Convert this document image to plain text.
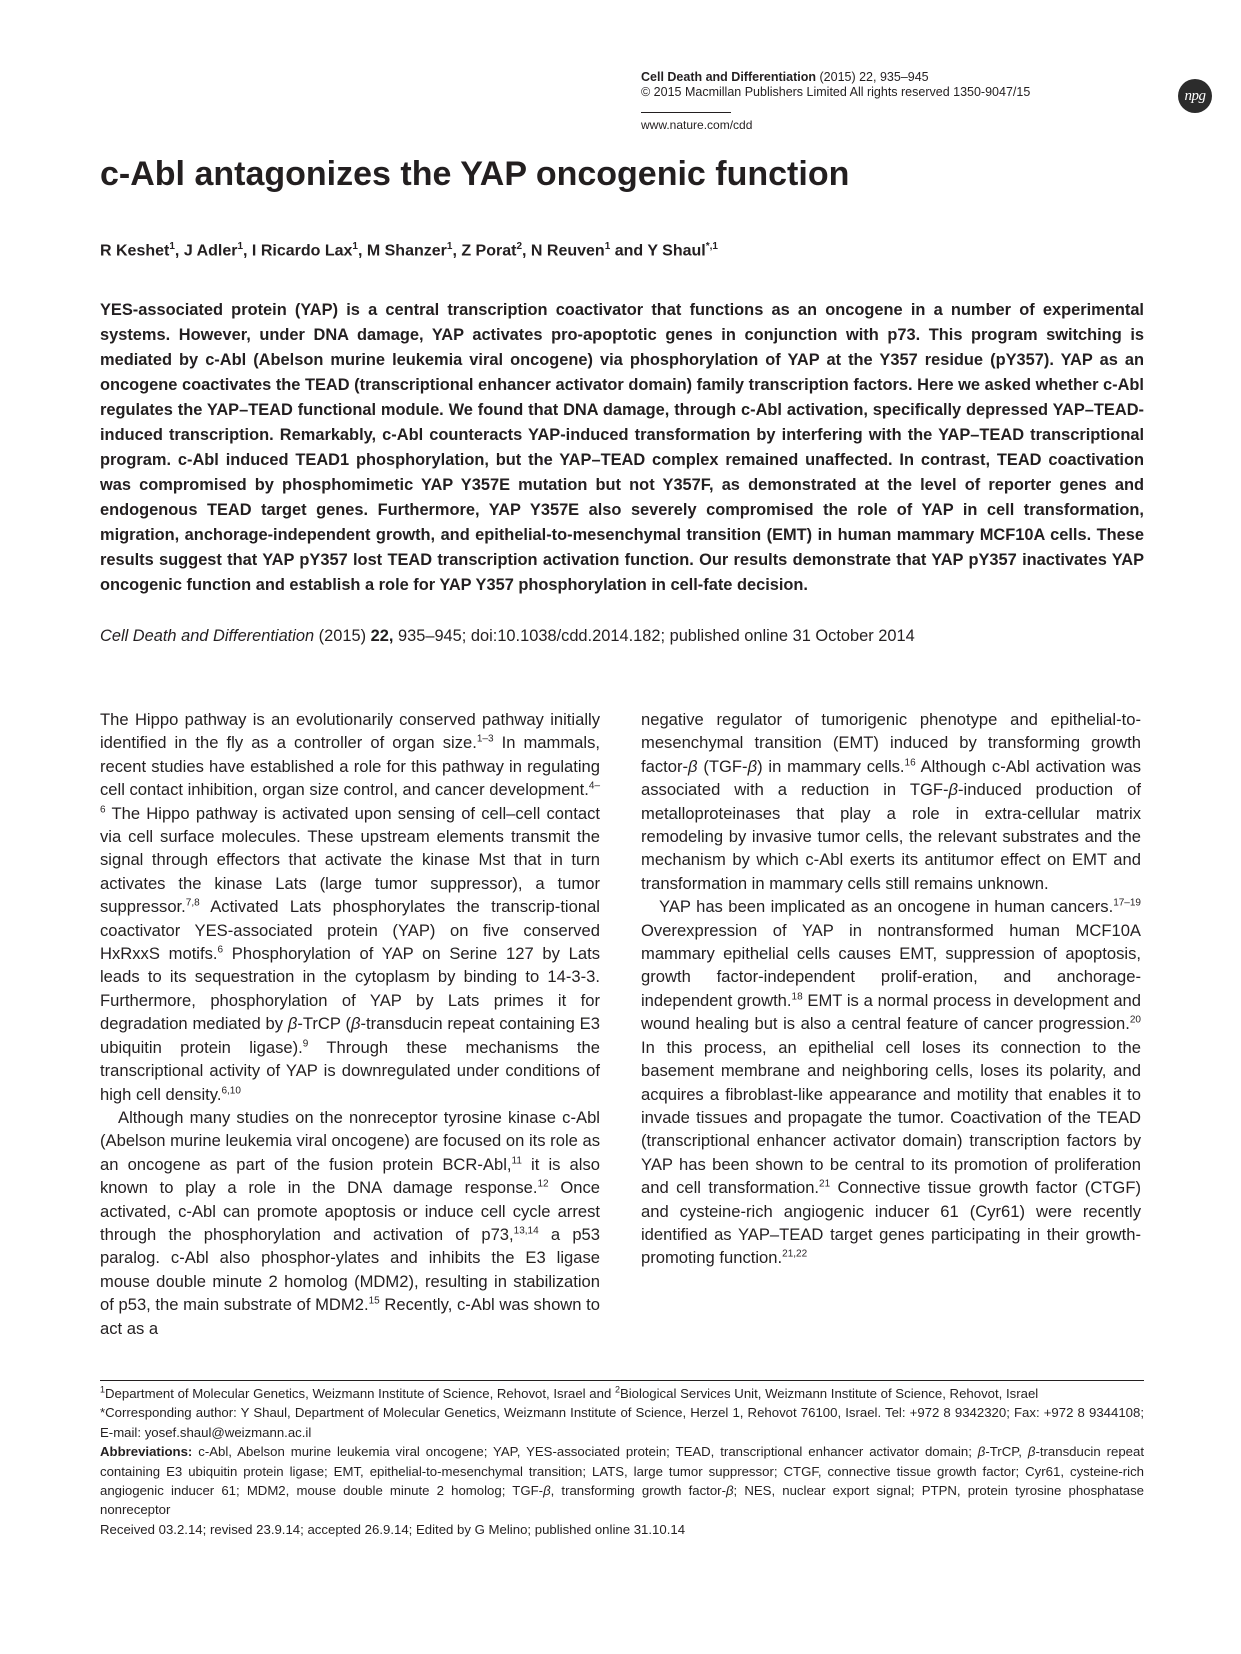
Cell Death and Differentiation (2015) 22, 935–945
© 2015 Macmillan Publishers Limited All rights reserved 1350-9047/15
www.nature.com/cdd
npg
c-Abl antagonizes the YAP oncogenic function
R Keshet$^1$, J Adler$^1$, I Ricardo Lax$^1$, M Shanzer$^1$, Z Porat$^2$, N Reuven$^1$ and Y Shaul$^{*,1}$

YES-associated protein (YAP) is a central transcription coactivator that functions as an oncogene in a number of experimental systems. However, under DNA damage, YAP activates pro-apoptotic genes in conjunction with p73. This program switching is mediated by c-Abl (Abelson murine leukemia viral oncogene) via phosphorylation of YAP at the Y357 residue (pY357). YAP as an oncogene coactivates the TEAD (transcriptional enhancer activator domain) family transcription factors. Here we asked whether c-Abl regulates the YAP–TEAD functional module. We found that DNA damage, through c-Abl activation, specifically depressed YAP–TEAD-induced transcription. Remarkably, c-Abl counteracts YAP-induced transformation by interfering with the YAP–TEAD transcriptional program. c-Abl induced TEAD1 phosphorylation, but the YAP–TEAD complex remained unaffected. In contrast, TEAD coactivation was compromised by phosphomimetic YAP Y357E mutation but not Y357F, as demonstrated at the level of reporter genes and endogenous TEAD target genes. Furthermore, YAP Y357E also severely compromised the role of YAP in cell transformation, migration, anchorage-independent growth, and epithelial-to-mesenchymal transition (EMT) in human mammary MCF10A cells. These results suggest that YAP pY357 lost TEAD transcription activation function. Our results demonstrate that YAP pY357 inactivates YAP oncogenic function and establish a role for YAP Y357 phosphorylation in cell-fate decision.

Cell Death and Differentiation (2015) 22, 935–945; doi:10.1038/cdd.2014.182; published online 31 October 2014

The Hippo pathway is an evolutionarily conserved pathway initially identified in the fly as a controller of organ size.$^{1-3}$ In mammals, recent studies have established a role for this pathway in regulating cell contact inhibition, organ size control, and cancer development.$^{4-6}$ The Hippo pathway is activated upon sensing of cell–cell contact via cell surface molecules. These upstream elements transmit the signal through effectors that activate the kinase Mst that in turn activates the kinase Lats (large tumor suppressor), a tumor suppressor.$^{7,8}$ Activated Lats phosphorylates the transcrip-tional coactivator YES-associated protein (YAP) on five conserved HxRxxS motifs.$^6$ Phosphorylation of YAP on Serine 127 by Lats leads to its sequestration in the cytoplasm by binding to 14-3-3. Furthermore, phosphorylation of YAP by Lats primes it for degradation mediated by β-TrCP (β-transducin repeat containing E3 ubiquitin protein ligase).$^9$ Through these mechanisms the transcriptional activity of YAP is downregulated under conditions of high cell density.$^{6,10}$

Although many studies on the nonreceptor tyrosine kinase c-Abl (Abelson murine leukemia viral oncogene) are focused on its role as an oncogene as part of the fusion protein BCR-Abl,$^{11}$ it is also known to play a role in the DNA damage response.$^{12}$ Once activated, c-Abl can promote apoptosis or induce cell cycle arrest through the phosphorylation and activation of p73,$^{13,14}$ a p53 paralog. c-Abl also phosphor-ylates and inhibits the E3 ligase mouse double minute 2 homolog (MDM2), resulting in stabilization of p53, the main substrate of MDM2.15 Recently, c-Abl was shown to act as a

negative regulator of tumorigenic phenotype and epithelial-to-mesenchymal transition (EMT) induced by transforming growth factor-β (TGF-β) in mammary cells.$^{16}$ Although c-Abl activation was associated with a reduction in TGF-β-induced production of metalloproteinases that play a role in extra-cellular matrix remodeling by invasive tumor cells, the relevant substrates and the mechanism by which c-Abl exerts its antitumor effect on EMT and transformation in mammary cells still remains unknown.

YAP has been implicated as an oncogene in human cancers.$^{17-19}$ Overexpression of YAP in nontransformed human MCF10A mammary epithelial cells causes EMT, suppression of apoptosis, growth factor-independent prolif-eration, and anchorage-independent growth.$^{18}$ EMT is a normal process in development and wound healing but is also a central feature of cancer progression.$^{20}$ In this process, an epithelial cell loses its connection to the basement membrane and neighboring cells, loses its polarity, and acquires a fibroblast-like appearance and motility that enables it to invade tissues and propagate the tumor. Coactivation of the TEAD (transcriptional enhancer activator domain) transcription factors by YAP has been shown to be central to its promotion of proliferation and cell transformation.$^{21}$ Connective tissue growth factor (CTGF) and cysteine-rich angiogenic inducer 61 (Cyr61) were recently identified as YAP–TEAD target genes participating in their growth-promoting function.$^{21,22}$

$^1$Department of Molecular Genetics, Weizmann Institute of Science, Rehovot, Israel and $^2$Biological Services Unit, Weizmann Institute of Science, Rehovot, Israel

*Corresponding author: Y Shaul, Department of Molecular Genetics, Weizmann Institute of Science, Herzel 1, Rehovot 76100, Israel. Tel: +972 8 9342320; Fax: +972 8 9344108; E-mail: yosef.shaul@weizmann.ac.il

Abbreviations: c-Abl, Abelson murine leukemia viral oncogene; YAP, YES-associated protein; TEAD, transcriptional enhancer activator domain; β-TrCP, β-transducin repeat containing E3 ubiquitin protein ligase; EMT, epithelial-to-mesenchymal transition; LATS, large tumor suppressor; CTGF, connective tissue growth factor; Cyr61, cysteine-rich angiogenic inducer 61; MDM2, mouse double minute 2 homolog; TGF-β, transforming growth factor-β; NES, nuclear export signal; PTPN, protein tyrosine phosphatase nonreceptor

Received 03.2.14; revised 23.9.14; accepted 26.9.14; Edited by G Melino; published online 31.10.14
